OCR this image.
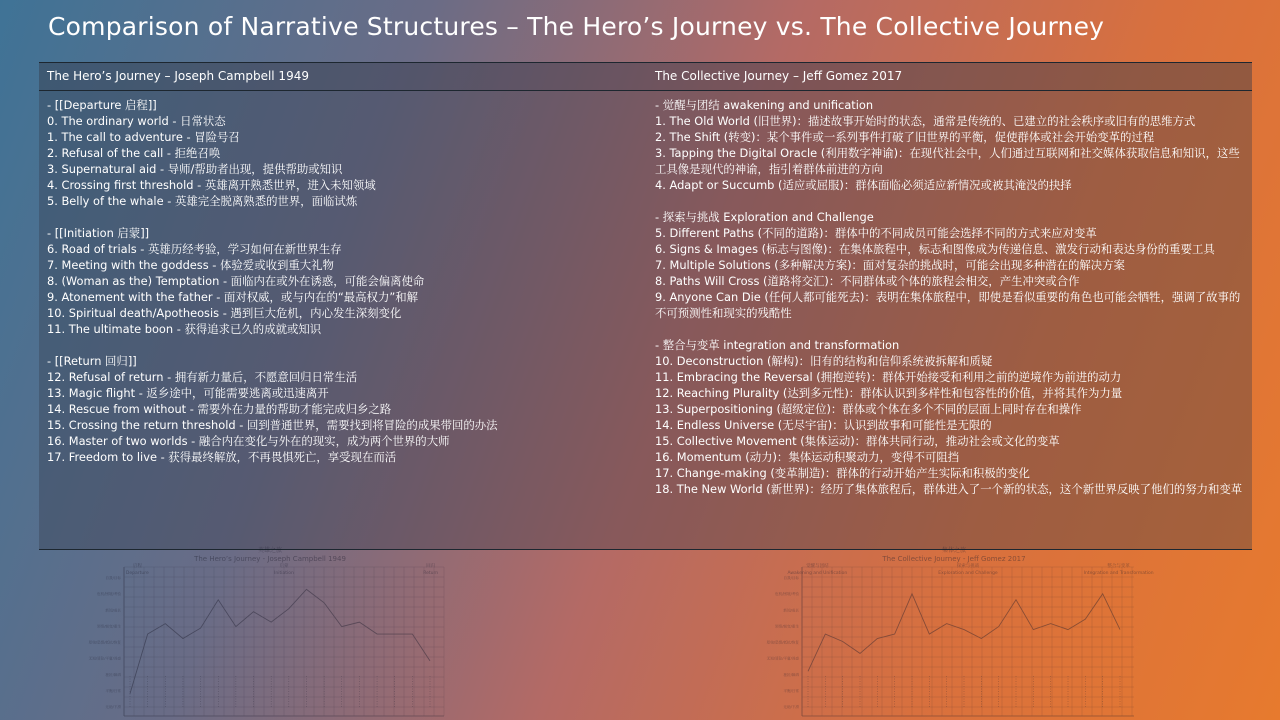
Comparison of Narrative Structures – The Hero’s Journey vs. The Collective Journey
The Hero’s Journey – Joseph Campbell 1949	The Collective Journey – Jeff Gomez 2017
- [[Departure 启程]]
0. The ordinary world - 日常状态
1. The call to adventure - 冒险号召
2. Refusal of the call - 拒绝召唤
3. Supernatural aid - 导师/帮助者出现，提供帮助或知识
4. Crossing first threshold - 英雄离开熟悉世界，进入未知领域
5. Belly of the whale - 英雄完全脱离熟悉的世界，面临试炼
- [[Initiation 启蒙]]
6. Road of trials - 英雄历经考验，学习如何在新世界生存
7. Meeting with the goddess - 体验爱或收到重大礼物
8. (Woman as the) Temptation - 面临内在或外在诱惑，可能会偏离使命
9. Atonement with the father - 面对权威，或与内在的“最高权力”和解
10. Spiritual death/Apotheosis - 遇到巨大危机，内心发生深刻变化
11. The ultimate boon - 获得追求已久的成就或知识
- [[Return 回归]]
12. Refusal of return - 拥有新力量后，不愿意回归日常生活
13. Magic flight - 返乡途中，可能需要逃离或迅速离开
14. Rescue from without - 需要外在力量的帮助才能完成归乡之路
15. Crossing the return threshold - 回到普通世界，需要找到将冒险的成果带回的办法
16. Master of two worlds - 融合内在变化与外在的现实，成为两个世界的大师
17. Freedom to live - 获得最终解放，不再畏惧死亡，享受现在而活
- 觉醒与团结 awakening and unification
1. The Old World (旧世界)：描述故事开始时的状态，通常是传统的、已建立的社会秩序或旧有的思维方式
2. The Shift (转变)：某个事件或一系列事件打破了旧世界的平衡，促使群体或社会开始变革的过程
3. Tapping the Digital Oracle (利用数字神谕)：在现代社会中，人们通过互联网和社交媒体获取信息和知识，这些工具像是现代的神谕，指引着群体前进的方向
4. Adapt or Succumb (适应或屈服)：群体面临必须适应新情况或被其淹没的抉择
- 探索与挑战 Exploration and Challenge
5. Different Paths (不同的道路)：群体中的不同成员可能会选择不同的方式来应对变革
6. Signs & Images (标志与图像)：在集体旅程中，标志和图像成为传递信息、激发行动和表达身份的重要工具
7. Multiple Solutions (多种解决方案)：面对复杂的挑战时，可能会出现多种潜在的解决方案
8. Paths Will Cross (道路将交汇)：不同群体或个体的旅程会相交，产生冲突或合作
9. Anyone Can Die (任何人都可能死去)：表明在集体旅程中，即使是看似重要的角色也可能会牺牲，强调了故事的不可预测性和现实的残酷性
- 整合与变革 integration and transformation
10. Deconstruction (解构)：旧有的结构和信仰系统被拆解和质疑
11. Embracing the Reversal (拥抱逆转)：群体开始接受和利用之前的逆境作为前进的动力
12. Reaching Plurality (达到多元性)：群体认识到多样性和包容性的价值，并将其作为力量
13. Superpositioning (超级定位)：群体或个体在多个不同的层面上同时存在和操作
14. Endless Universe (无尽宇宙)：认识到故事和可能性是无限的
15. Collective Movement (集体运动)：群体共同行动，推动社会或文化的变革
16. Momentum (动力)：集体运动积聚动力，变得不可阻挡
17. Change-making (变革制造)：群体的行动开始产生实际和积极的变化
18. The New World (新世界)：经历了集体旅程后，群体进入了一个新的状态，这个新世界反映了他们的努力和变革
英雄之旅
The Hero’s Journey - Joseph Campbell 1949
自我/目标
危机/困境/考验
新知/成长
领悟/蜕变/重生
原始/恐惧/抵抗/恢复
无知/冒险/平庸/诱惑
挫折/障碍
平衡/日常
无助/下滑
启程
Departure
启蒙
Initiation
回归
Return
集体之旅
The Collective Journey - Jeff Gomez 2017
自我/目标
危机/困境/考验
新知/成长
领悟/蜕变/重生
原始/恐惧/抵抗/恢复
无知/冒险/平庸/诱惑
挫折/障碍
平衡/日常
无助/下滑
觉醒与团结
Awakening and Unification
探索与挑战
Exploration and Challenge
整合与变革
Integration and Transformation
